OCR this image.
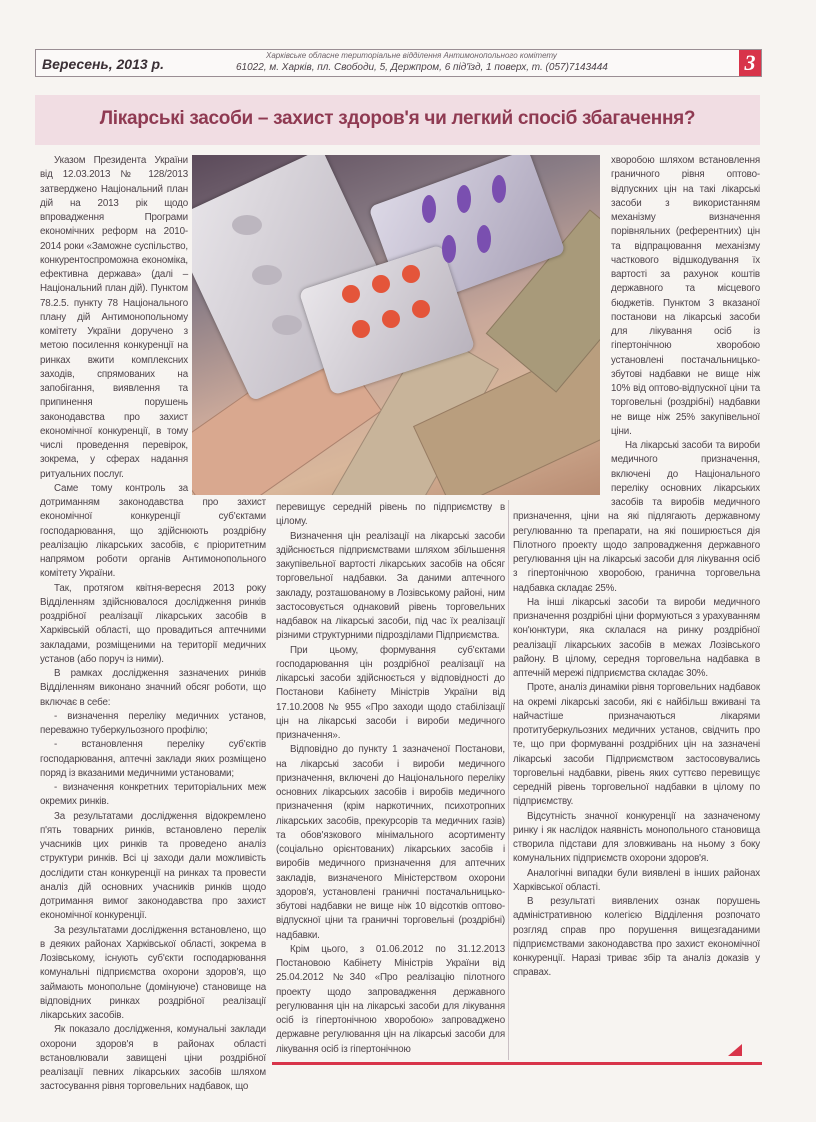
Вересень, 2013 р.
Харківське обласне територіальне відділення Антимонопольного комітету
61022, м. Харків, пл. Свободи, 5, Держпром, 6 під'їзд, 1 поверх, т. (057)7143444	3
Лікарські засоби – захист здоров'я чи легкий спосіб збагачення?

Указом Президента України від 12.03.2013 № 128/2013 затверджено Національний план дій на 2013 рік щодо впровадження Програми економічних реформ на 2010-2014 роки «Заможне суспільство, конкурентоспроможна економіка, ефективна держава» (далі – Національний план дій). Пунктом 78.2.5. пункту 78 Національного плану дій Антимонопольному комітету України доручено з метою посилення конкуренції на ринках вжити комплексних заходів, спрямованих на запобігання, виявлення та припинення порушень законодавства про захист економічної конкуренції, в тому числі проведення перевірок, зокрема, у сферах надання ритуальних послуг.

Саме тому контроль за дотриманням законодавства про захист економічної конкуренції суб'єктами господарювання, що здійснюють роздрібну реалізацію лікарських засобів, є пріоритетним напрямом роботи органів Антимонопольного комітету України.

Так, протягом квітня-вересня 2013 року Відділенням здійснювалося дослідження ринків роздрібної реалізації лікарських засобів в Харківській області, що провадиться аптечними закладами, розміщеними на території медичних установ (або поруч із ними).

В рамках дослідження зазначених ринків Відділенням виконано значний обсяг роботи, що включає в себе:

- визначення переліку медичних установ, переважно туберкульозного профілю;

- встановлення переліку суб'єктів господарювання, аптечні заклади яких розміщено поряд із вказаними медичними установами;

- визначення конкретних територіальних меж окремих ринків.

За результатами дослідження відокремлено п'ять товарних ринків, встановлено перелік учасників цих ринків та проведено аналіз структури ринків. Всі ці заходи дали можливість дослідити стан конкуренції на ринках та провести аналіз дій основних учасників ринків щодо дотримання вимог законодавства про захист економічної конкуренції.

За результатами дослідження встановлено, що в деяких районах Харківської області, зокрема в Лозівському, існують суб'єкти господарювання комунальні підприємства охорони здоров'я, що займають монопольне (домінуюче) становище на відповідних ринках роздрібної реалізації лікарських засобів.

Як показало дослідження, комунальні заклади охорони здоров'я в районах області встановлювали завищені ціни роздрібної реалізації певних лікарських засобів шляхом застосування рівня торговельних надбавок, що

перевищує середній рівень по підприємству в цілому.

Визначення цін реалізації на лікарські засоби здійснюється підприємствами шляхом збільшення закупівельної вартості лікарських засобів на обсяг торговельної надбавки. За даними аптечного закладу, розташованому в Лозівському районі, ним застосовується однаковий рівень торговельних надбавок на лікарські засоби, під час їх реалізації різними структурними підрозділами Підприємства.

При цьому, формування суб'єктами господарювання цін роздрібної реалізації на лікарські засоби здійснюється у відповідності до Постанови Кабінету Міністрів України від 17.10.2008 № 955 «Про заходи щодо стабілізації цін на лікарські засоби і вироби медичного призначення».

Відповідно до пункту 1 зазначеної Постанови, на лікарські засоби і вироби медичного призначення, включені до Національного переліку основних лікарських засобів і виробів медичного призначення (крім наркотичних, психотропних лікарських засобів, прекурсорів та медичних газів) та обов'язкового мінімального асортименту (соціально орієнтованих) лікарських засобів і виробів медичного призначення для аптечних закладів, визначеного Міністерством охорони здоров'я, установлені граничні постачальницько-збутові надбавки не вище ніж 10 відсотків оптово-відпускної ціни та граничні торговельні (роздрібні) надбавки.

Крім цього, з 01.06.2012 по 31.12.2013 Постановою Кабінету Міністрів України від 25.04.2012 №340 «Про реалізацію пілотного проекту щодо запровадження державного регулювання цін на лікарські засоби для лікування осіб із гіпертонічною хворобою» запроваджено державне регулювання цін на лікарські засоби для лікування осіб із гіпертонічною

хворобою шляхом встановлення граничного рівня оптово-відпускних цін на такі лікарські засоби з використанням механізму визначення порівняльних (референтних) цін та відпрацювання механізму часткового відшкодування їх вартості за рахунок коштів державного та місцевого бюджетів. Пунктом 3 вказаної постанови на лікарські засоби для лікування осіб із гіпертонічною хворобою установлені постачальницько-збутові надбавки не вище ніж 10% від оптово-відпускної ціни та торговельні (роздрібні) надбавки не вище ніж 25% закупівельної ціни.

На лікарські засоби та вироби медичного призначення, включені до Національного переліку основних лікарських засобів та виробів медичного призначення, ціни на які підлягають державному регулюванню та препарати, на які поширюється дія Пілотного проекту щодо запровадження державного регулювання цін на лікарські засоби для лікування осіб з гіпертонічною хворобою, гранична торговельна надбавка складає 25%.

На інші лікарські засоби та вироби медичного призначення роздрібні ціни формуються з урахуванням кон'юнктури, яка склалася на ринку роздрібної реалізації лікарських засобів в межах Лозівського району. В цілому, середня торговельна надбавка в аптечній мережі підприємства складає 30%.

Проте, аналіз динаміки рівня торговельних надбавок на окремі лікарські засоби, які є найбільш вживані та найчастіше призначаються лікарями протитуберкульозних медичних установ, свідчить про те, що при формуванні роздрібних цін на зазначені лікарські засоби Підприємством застосовувались торговельні надбавки, рівень яких суттєво перевищує середній рівень торговельної надбавки в цілому по підприємству.

Відсутність значної конкуренції на зазначеному ринку і як наслідок наявність монопольного становища створила підстави для зловживань на ньому з боку комунальних підприємств охорони здоров'я.

Аналогічні випадки були виявлені в інших районах Харківської області.

В результаті виявлених ознак порушень адміністративною колегією Відділення розпочато розгляд справ про порушення вищезгаданими підприємствами законодавства про захист економічної конкуренції. Наразі триває збір та аналіз доказів у справах.
